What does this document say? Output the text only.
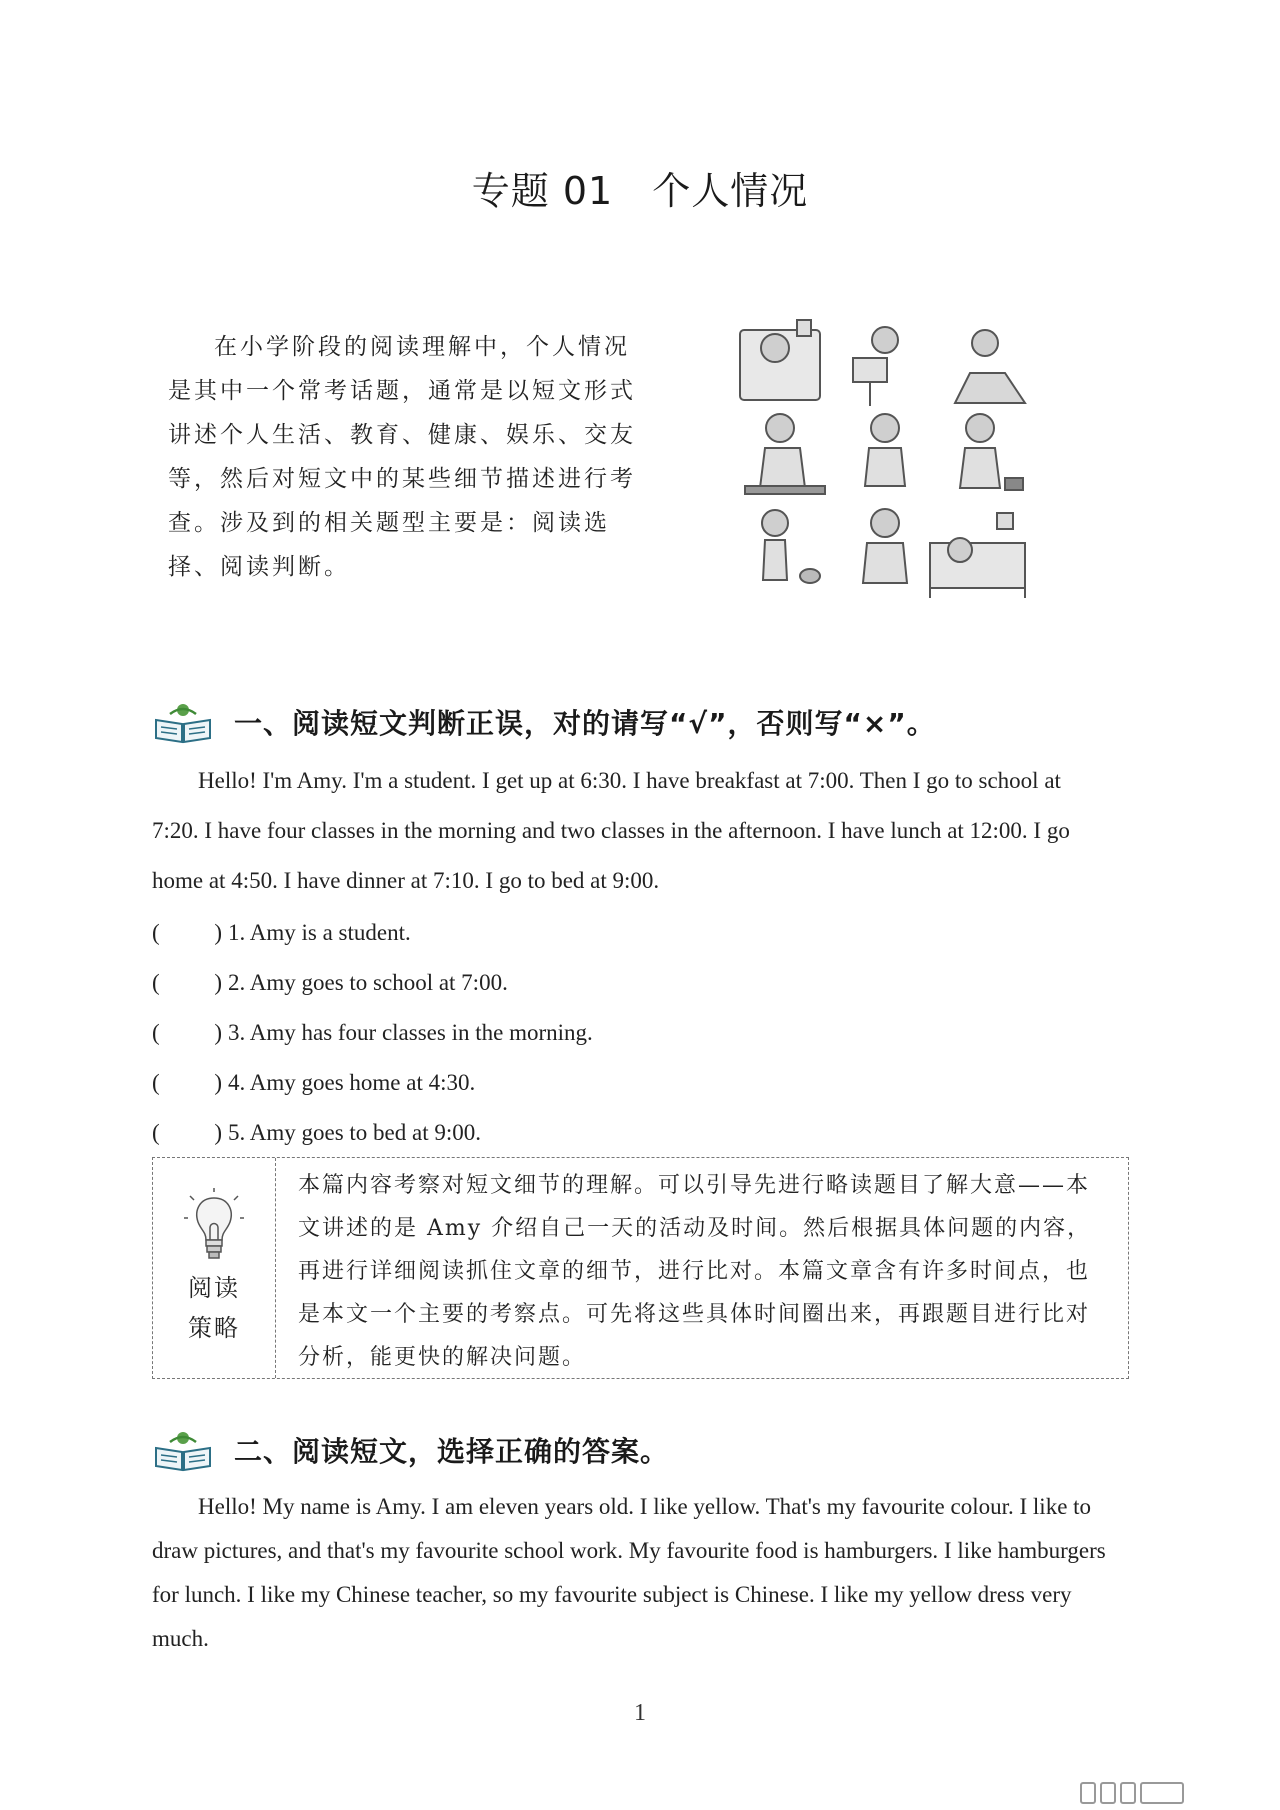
专题 01　个人情况
在小学阶段的阅读理解中，个人情况是其中一个常考话题，通常是以短文形式讲述个人生活、教育、健康、娱乐、交友等，然后对短文中的某些细节描述进行考查。涉及到的相关题型主要是：阅读选择、阅读判断。
一、阅读短文判断正误，对的请写“√”，否则写“×”。

Hello! I'm Amy. I'm a student. I get up at 6:30. I have breakfast at 7:00. Then I go to school at 7:20. I have four classes in the morning and two classes in the afternoon. I have lunch at 12:00. I go home at 4:50. I have dinner at 7:10. I go to bed at 9:00.

( ) 1. Amy is a student.
( ) 2. Amy goes to school at 7:00.
( ) 3. Amy has four classes in the morning.
( ) 4. Amy goes home at 4:30.
( ) 5. Amy goes to bed at 9:00.
阅读
策略
本篇内容考察对短文细节的理解。可以引导先进行略读题目了解大意——本文讲述的是 Amy 介绍自己一天的活动及时间。然后根据具体问题的内容，再进行详细阅读抓住文章的细节，进行比对。本篇文章含有许多时间点，也是本文一个主要的考察点。可先将这些具体时间圈出来，再跟题目进行比对分析，能更快的解决问题。
二、阅读短文，选择正确的答案。

Hello! My name is Amy. I am eleven years old. I like yellow. That's my favourite colour. I like to draw pictures, and that's my favourite school work. My favourite food is hamburgers. I like hamburgers for lunch. I like my Chinese teacher, so my favourite subject is Chinese. I like my yellow dress very much.

1
